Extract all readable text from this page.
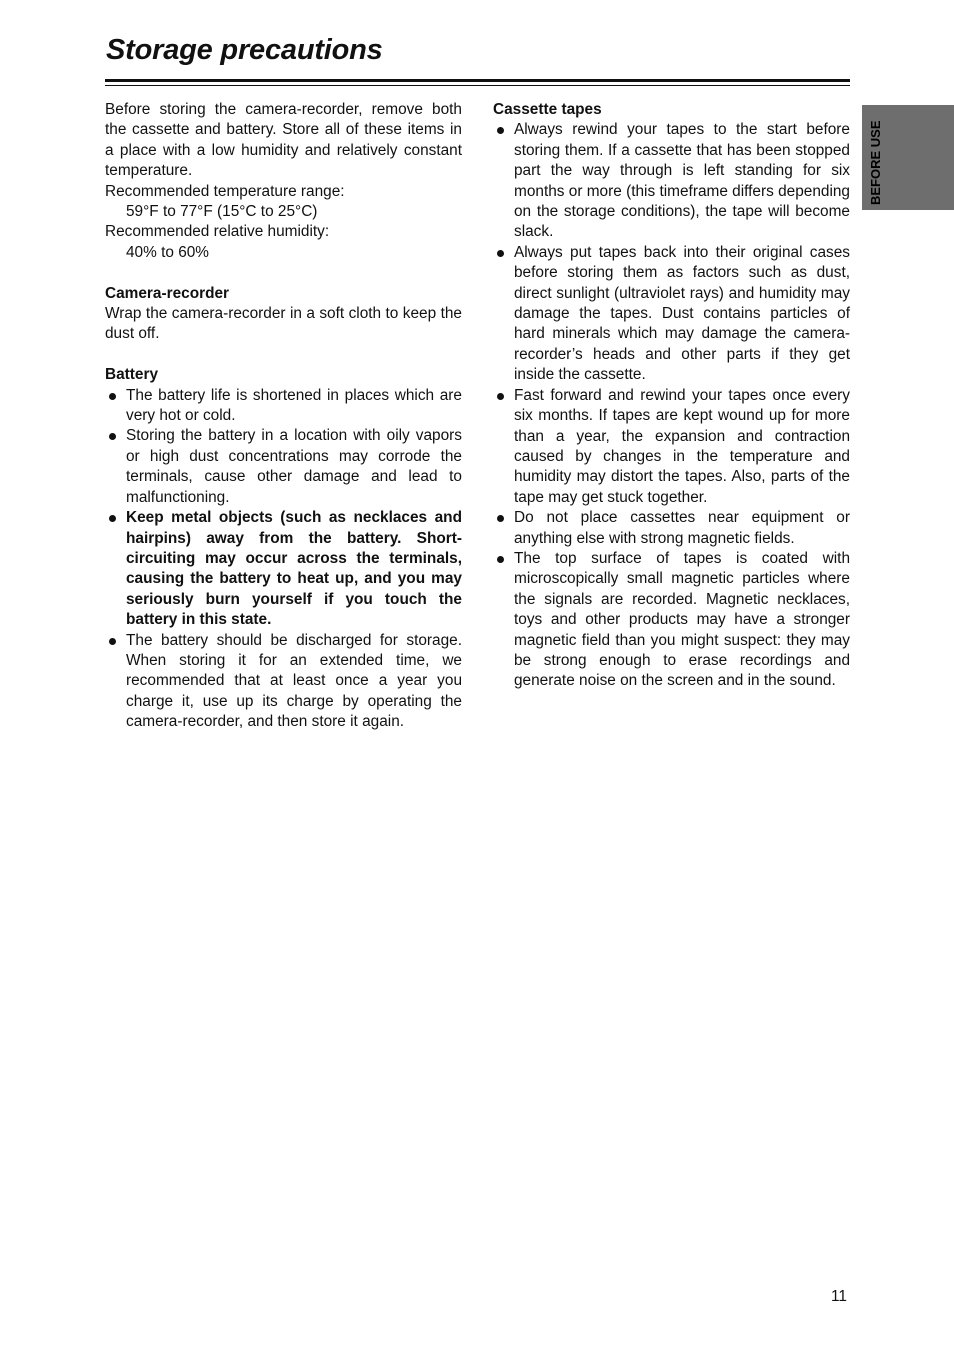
Storage precautions
BEFORE USE

Before storing the camera-recorder, remove both the cassette and battery. Store all of these items in a place with a low humidity and relatively constant temperature.

Recommended temperature range:

59°F to 77°F (15°C to 25°C)

Recommended relative humidity:

40% to 60%

Camera-recorder

Wrap the camera-recorder in a soft cloth to keep the dust off.

Battery

The battery life is shortened in places which are very hot or cold.
Storing the battery in a location with oily vapors or high dust concentrations may corrode the terminals, cause other damage and lead to malfunctioning.
Keep metal objects (such as necklaces and hairpins) away from the battery. Short-circuiting may occur across the terminals, causing the battery to heat up, and you may seriously burn yourself if you touch the battery in this state.
The battery should be discharged for storage. When storing it for an extended time, we recommended that at least once a year you charge it, use up its charge by operating the camera-recorder, and then store it again.

Cassette tapes

Always rewind your tapes to the start before storing them. If a cassette that has been stopped part the way through is left standing for six months or more (this timeframe differs depending on the storage conditions), the tape will become slack.
Always put tapes back into their original cases before storing them as factors such as dust, direct sunlight (ultraviolet rays) and humidity may damage the tapes. Dust contains particles of hard minerals which may damage the camera-recorder’s heads and other parts if they get inside the cassette.
Fast forward and rewind your tapes once every six months. If tapes are kept wound up for more than a year, the expansion and contraction caused by changes in the temperature and humidity may distort the tapes. Also, parts of the tape may get stuck together.
Do not place cassettes near equipment or anything else with strong magnetic fields.
The top surface of tapes is coated with microscopically small magnetic particles where the signals are recorded. Magnetic necklaces, toys and other products may have a stronger magnetic field than you might suspect: they may be strong enough to erase recordings and generate noise on the screen and in the sound.
11
